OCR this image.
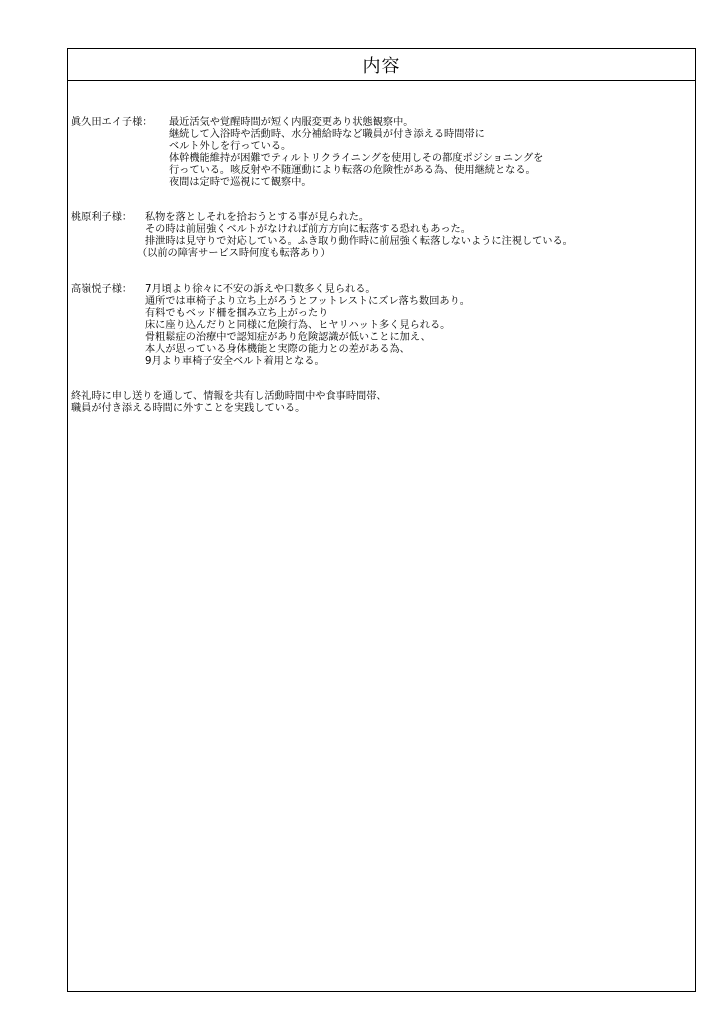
内容
眞久田エイ子様： 最近活気や覚醒時間が短く内服変更あり状態観察中。
継続して入浴時や活動時、水分補給時など職員が付き添える時間帯に
ベルト外しを行っている。
体幹機能維持が困難でティルトリクライニングを使用しその都度ポジショニングを
行っている。咳反射や不随運動により転落の危険性がある為、使用継続となる。
夜間は定時で巡視にて観察中。
桃原利子様： 私物を落としそれを拾おうとする事が見られた。
その時は前屈強くベルトがなければ前方方向に転落する恐れもあった。
排泄時は見守りで対応している。ふき取り動作時に前屈強く転落しないように注視している。
（以前の障害サービス時何度も転落あり）
高嶺悦子様： 7月頃より徐々に不安の訴えや口数多く見られる。
通所では車椅子より立ち上がろうとフットレストにズレ落ち数回あり。
有料でもベッド柵を掴み立ち上がったり
床に座り込んだりと同様に危険行為、ヒヤリハット多く見られる。
骨粗鬆症の治療中で認知症があり危険認識が低いことに加え、
本人が思っている身体機能と実際の能力との差がある為、
9月より車椅子安全ベルト着用となる。
終礼時に申し送りを通して、情報を共有し活動時間中や食事時間帯、
職員が付き添える時間に外すことを実践している。
